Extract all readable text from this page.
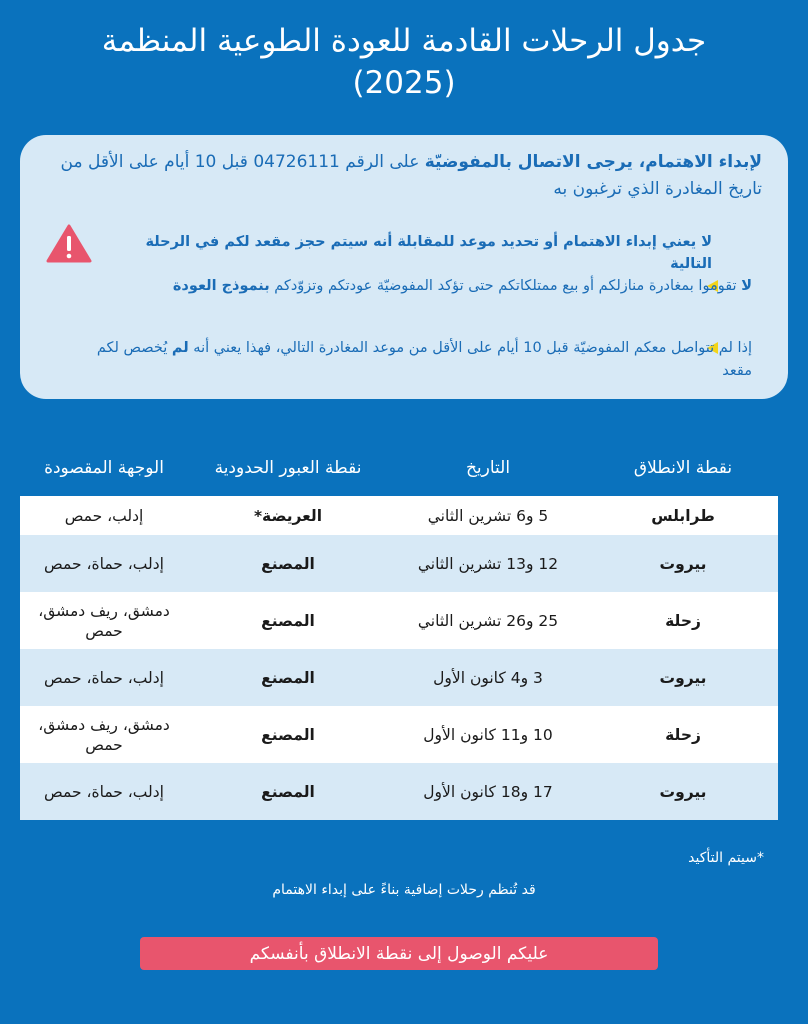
جدول الرحلات القادمة للعودة الطوعية المنظمة
(2025)

لإبداء الاهتمام، يرجى الاتصال بالمفوضيّة على الرقم 04726111 قبل 10 أيام على الأقل من تاريخ المغادرة الذي ترغبون به

لا يعني إبداء الاهتمام أو تحديد موعد للمقابلة أنه سيتم حجز مقعد لكم في الرحلة التالية

لا تقوموا بمغادرة منازلكم أو بيع ممتلكاتكم حتى تؤكد المفوضيّة عودتكم وتزوّدكم بنموذج العودة

إذا لم تتواصل معكم المفوضيّة قبل 10 أيام على الأقل من موعد المغادرة التالي، فهذا يعني أنه لم يُخصص لكم مقعد

نقطة الانطلاق
التاريخ
نقطة العبور الحدودية
الوجهة المقصودة
طرابلس
5 و6 تشرين الثاني
العريضة*
إدلب، حمص
بيروت
12 و13 تشرين الثاني
المصنع
إدلب، حماة، حمص
زحلة
25 و26 تشرين الثاني
المصنع
دمشق، ريف دمشق، حمص
بيروت
3 و4 كانون الأول
المصنع
إدلب، حماة، حمص
زحلة
10 و11 كانون الأول
المصنع
دمشق، ريف دمشق، حمص
بيروت
17 و18 كانون الأول
المصنع
إدلب، حماة، حمص
*سيتم التأكيد
قد تُنظم رحلات إضافية بناءً على إبداء الاهتمام
عليكم الوصول إلى نقطة الانطلاق بأنفسكم
